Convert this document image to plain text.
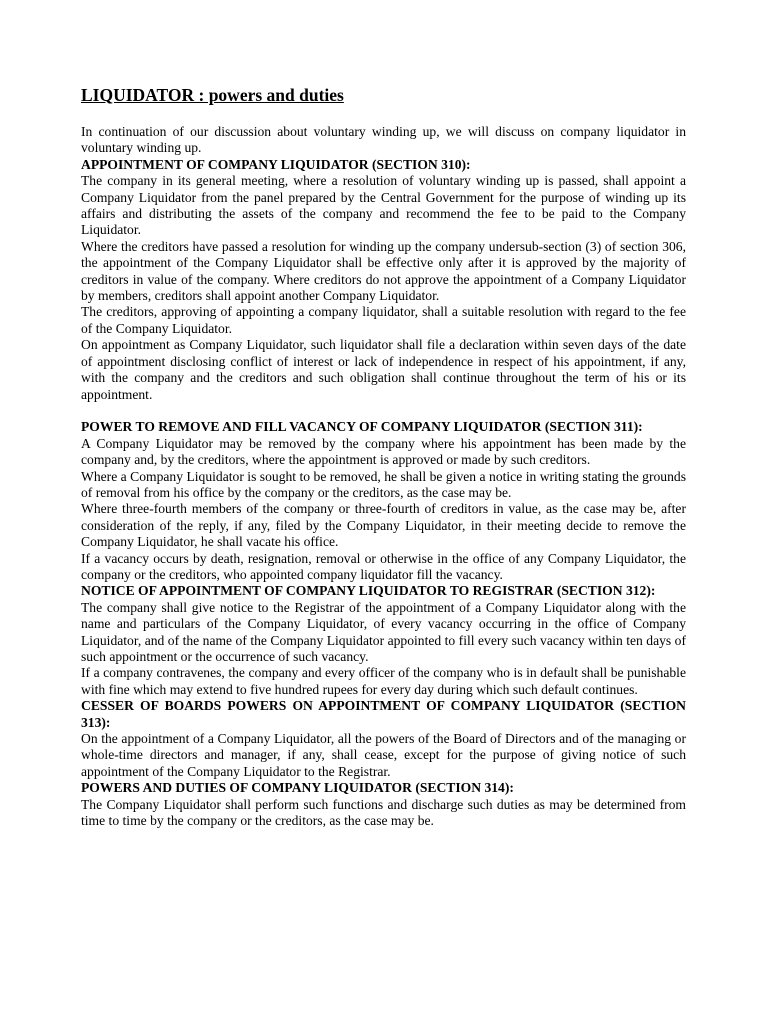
LIQUIDATOR : powers and duties

In continuation of our discussion about voluntary winding up, we will discuss on company liquidator in voluntary winding up.

APPOINTMENT OF COMPANY LIQUIDATOR (SECTION 310):

The company in its general meeting, where a resolution of voluntary winding up is passed, shall appoint a Company Liquidator from the panel prepared by the Central Government for the purpose of winding up its affairs and distributing the assets of the company and recommend the fee to be paid to the Company Liquidator.

Where the creditors have passed a resolution for winding up the company undersub-section (3) of section 306, the appointment of the Company Liquidator shall be effective only after it is approved by the majority of creditors in value of the company. Where creditors do not approve the appointment of a Company Liquidator by members, creditors shall appoint another Company Liquidator.

The creditors, approving of appointing a company liquidator, shall a suitable resolution with regard to the fee of the Company Liquidator.

On appointment as Company Liquidator, such liquidator shall file a declaration within seven days of the date of appointment disclosing conflict of interest or lack of independence in respect of his appointment, if any, with the company and the creditors and such obligation shall continue throughout the term of his or its appointment.

POWER TO REMOVE AND FILL VACANCY OF COMPANY LIQUIDATOR (SECTION 311):

A Company Liquidator may be removed by the company where his appointment has been made by the company and, by the creditors, where the appointment is approved or made by such creditors.

Where a Company Liquidator is sought to be removed, he shall be given a notice in writing stating the grounds of removal from his office by the company or the creditors, as the case may be.

Where three-fourth members of the company or three-fourth of creditors in value, as the case may be, after consideration of the reply, if any, filed by the Company Liquidator, in their meeting decide to remove the Company Liquidator, he shall vacate his office.

If a vacancy occurs by death, resignation, removal or otherwise in the office of any Company Liquidator, the company or the creditors, who appointed company liquidator fill the vacancy.

NOTICE OF APPOINTMENT OF COMPANY LIQUIDATOR TO REGISTRAR (SECTION 312):

The company shall give notice to the Registrar of the appointment of a Company Liquidator along with the name and particulars of the Company Liquidator, of every vacancy occurring in the office of Company Liquidator, and of the name of the Company Liquidator appointed to fill every such vacancy within ten days of such appointment or the occurrence of such vacancy.

If a company contravenes, the company and every officer of the company who is in default shall be punishable with fine which may extend to five hundred rupees for every day during which such default continues.

CESSER OF BOARDS POWERS ON APPOINTMENT OF COMPANY LIQUIDATOR (SECTION 313):

On the appointment of a Company Liquidator, all the powers of the Board of Directors and of the managing or whole-time directors and manager, if any, shall cease, except for the purpose of giving notice of such appointment of the Company Liquidator to the Registrar.

POWERS AND DUTIES OF COMPANY LIQUIDATOR (SECTION 314):

The Company Liquidator shall perform such functions and discharge such duties as may be determined from time to time by the company or the creditors, as the case may be.
